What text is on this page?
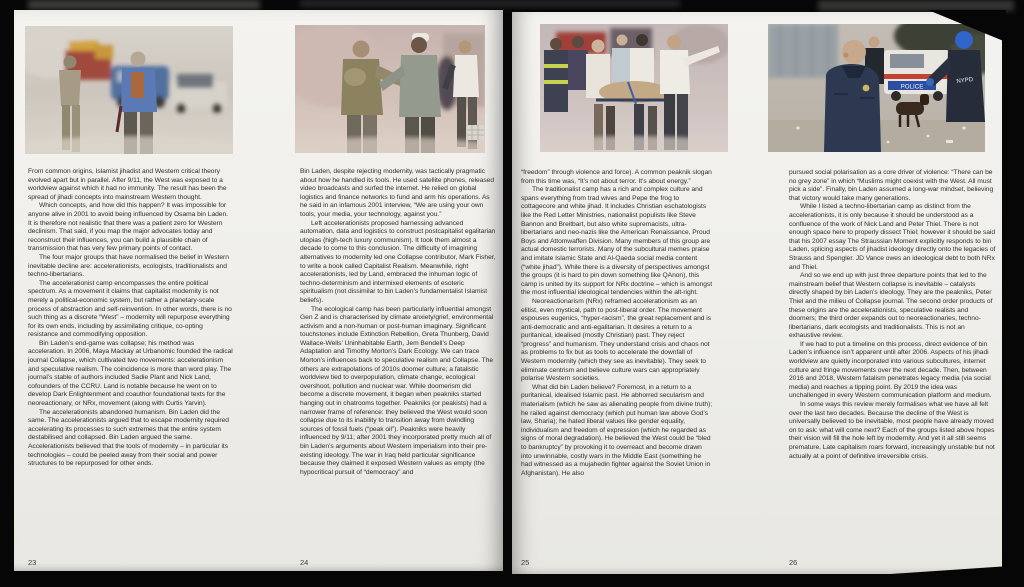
From common origins, Islamist jihadist and Western critical theory evolved apart but in parallel. After 9/11, the West was exposed to a worldview against which it had no immunity. The result has been the spread of jihadi concepts into mainstream Western thought.

Which concepts, and how did this happen? It was impossible for anyone alive in 2001 to avoid being influenced by Osama bin Laden. It is therefore not realistic that there was a patient zero for Western declinism. That said, if you map the major advocates today and reconstruct their influences, you can build a plausible chain of transmission that has very few primary points of contact.

The four major groups that have normalised the belief in Western inevitable decline are: accelerationists, ecologists, traditionalists and techno-libertarians.

The accelerationist camp encompasses the entire political spectrum. As a movement it claims that capitalist modernity is not merely a political-economic system, but rather a planetary-scale process of abstraction and self-reinvention. In other words, there is no such thing as a discrete “West” – modernity will repurpose everything for its own ends, including by assimilating critique, co-opting resistance and commodifying opposition.

Bin Laden’s end-game was collapse; his method was acceleration. In 2006, Maya Mackay at Urbanomic founded the radical journal Collapse, which cultivated two movements: accelerationism and speculative realism. The coincidence is more than word play. The journal’s stable of authors included Sadie Plant and Nick Land, cofounders of the CCRU. Land is notable because he went on to develop Dark Enlightenment and coauthor foundational texts for the neoreactionary, or NRx, movement (along with Curtis Yarvin).

The accelerationists abandoned humanism. Bin Laden did the same. The accelerationists argued that to escape modernity required accelerating its processes to such extremes that the entire system destabilised and collapsed. Bin Laden argued the same. Accelerationists believed that the tools of modernity – in particular its technologies – could be peeled away from their social and power structures to be repurposed for other ends.

Bin Laden, despite rejecting modernity, was tactically pragmatic about how he handled its tools. He used satellite phones, released video broadcasts and surfed the internet. He relied on global logistics and finance networks to fund and arm his operations. As he said in an infamous 2001 interview, “We are using your own tools, your media, your technology, against you.”

Left accelerationists proposed harnessing advanced automation, data and logistics to construct postcapitalist egalitarian utopias (high-tech luxury communism). It took them almost a decade to come to this conclusion. The difficulty of imagining alternatives to modernity led one Collapse contributor, Mark Fisher, to write a book called Capitalist Realism. Meanwhile, right accelerationists, led by Land, embraced the inhuman logic of techno-determinism and intermixed elements of esoteric spiritualism (not dissimilar to bin Laden’s fundamentalist Islamist beliefs).

The ecological camp has been particularly influential amongst Gen Z and is characterised by climate anxiety/grief, environmental activism and a non-human or post-human imaginary. Significant touchstones include Extinction Rebellion, Greta Thunberg, David Wallace-Wells’ Uninhabitable Earth, Jem Bendell’s Deep Adaptation and Timothy Morton’s Dark Ecology. We can trace Morton’s influences back to speculative realism and Collapse. The others are extrapolations of 2010s doomer culture; a fatalistic worldview tied to overpopulation, climate change, ecological overshoot, pollution and nuclear war. While doomerism did become a discrete movement, it began when peakniks started hanging out in chatrooms together. Peakniks (or peakists) had a narrower frame of reference: they believed the West would soon collapse due to its inability to transition away from dwindling sources of fossil fuels (“peak oil”). Peakniks were heavily influenced by 9/11; after 2001 they incorporated pretty much all of bin Laden’s arguments about Western imperialism into their pre-existing ideology. The war in Iraq held particular significance because they claimed it exposed Western values as empty (the hypocritical pursuit of “democracy” and

23	24
POLICE
NYPD

“freedom” through violence and force). A common peaknik slogan from this time was, “It’s not about terror. It’s about energy.”

The traditionalist camp has a rich and complex culture and spans everything from trad wives and Pepe the frog to cottagecore and white jihad. It includes Christian eschatologists like the Red Letter Ministries, nationalist populists like Steve Bannon and Breitbart, but also white supremacists, ultra-libertarians and neo-nazis like the American Renaissance, Proud Boys and Attomwaffen Division. Many members of this group are actual domestic terrorists. Many of the subcultural memes praise and imitate Islamic State and Al-Qaeda social media content (“white jihad”). While there is a diversity of perspectives amongst the groups (it is hard to pin down something like QAnon), this camp is united by its support for NRx doctrine – which is amongst the most influential ideological tendencies within the alt-right.

Neoreactionarism (NRx) reframed accelerationism as an elitist, even mystical, path to post-liberal order. The movement espouses eugenics, “hyper-racism”, the great replacement and is anti-democratic and anti-egalitarian. It desires a return to a puritanical, idealised (mostly Christian) past. They reject “progress” and humanism. They understand crisis and chaos not as problems to fix but as tools to accelerate the downfall of Western modernity (which they see as inevitable). They seek to eliminate centrism and believe culture wars can appropriately polarise Western societies.

What did bin Laden believe? Foremost, in a return to a puritanical, idealised Islamic past. He abhorred secularism and materialism (which he saw as alienating people from divine truth); he railed against democracy (which put human law above God’s law, Sharia); he hated liberal values like gender equality, individualism and freedom of expression (which he regarded as signs of moral degradation). He believed the West could be “bled to bankruptcy” by provoking it to overreact and become drawn into unwinnable, costly wars in the Middle East (something he had witnessed as a mujahedin fighter against the Soviet Union in Afghanistan). He also

pursued social polarisation as a core driver of violence: “There can be no grey zone” in which “Muslims might coexist with the West. All must pick a side”. Finally, bin Laden assumed a long-war mindset, believing that victory would take many generations.

While I listed a techno-libertarian camp as distinct from the accelerationists, it is only because it should be understood as a confluence of the work of Nick Land and Peter Thiel. There is not enough space here to properly dissect Thiel; however it should be said that his 2007 essay The Straussian Moment explicitly responds to bin Laden, splicing aspects of jihadist ideology directly onto the legacies of Strauss and Spengler. JD Vance owes an ideological debt to both NRx and Thiel.

And so we end up with just three departure points that led to the mainstream belief that Western collapse is inevitable – catalysts directly shaped by bin Laden’s ideology. They are the peakniks, Peter Thiel and the milieu of Collapse journal. The second order products of these origins are the accelerationists, speculative realists and doomers; the third order expands out to neoreactionaries, techno-libertarians, dark ecologists and traditionalists. This is not an exhaustive review.

If we had to put a timeline on this process, direct evidence of bin Laden’s influence isn’t apparent until after 2006. Aspects of his jihadi worldview are quietly incorporated into various subcultures, internet culture and fringe movements over the next decade. Then, between 2016 and 2018, Western fatalism penetrates legacy media (via social media) and reaches a tipping point. By 2019 the idea was unchallenged in every Western communication platform and medium.

In some ways this review merely formalises what we have all felt over the last two decades. Because the decline of the West is universally believed to be inevitable, most people have already moved on to ask: what will come next? Each of the groups listed above hopes their vision will fill the hole left by modernity. And yet it all still seems premature. Late capitalism roars forward, increasingly unstable but not actually at a point of definitive irreversible crisis.

25	26
